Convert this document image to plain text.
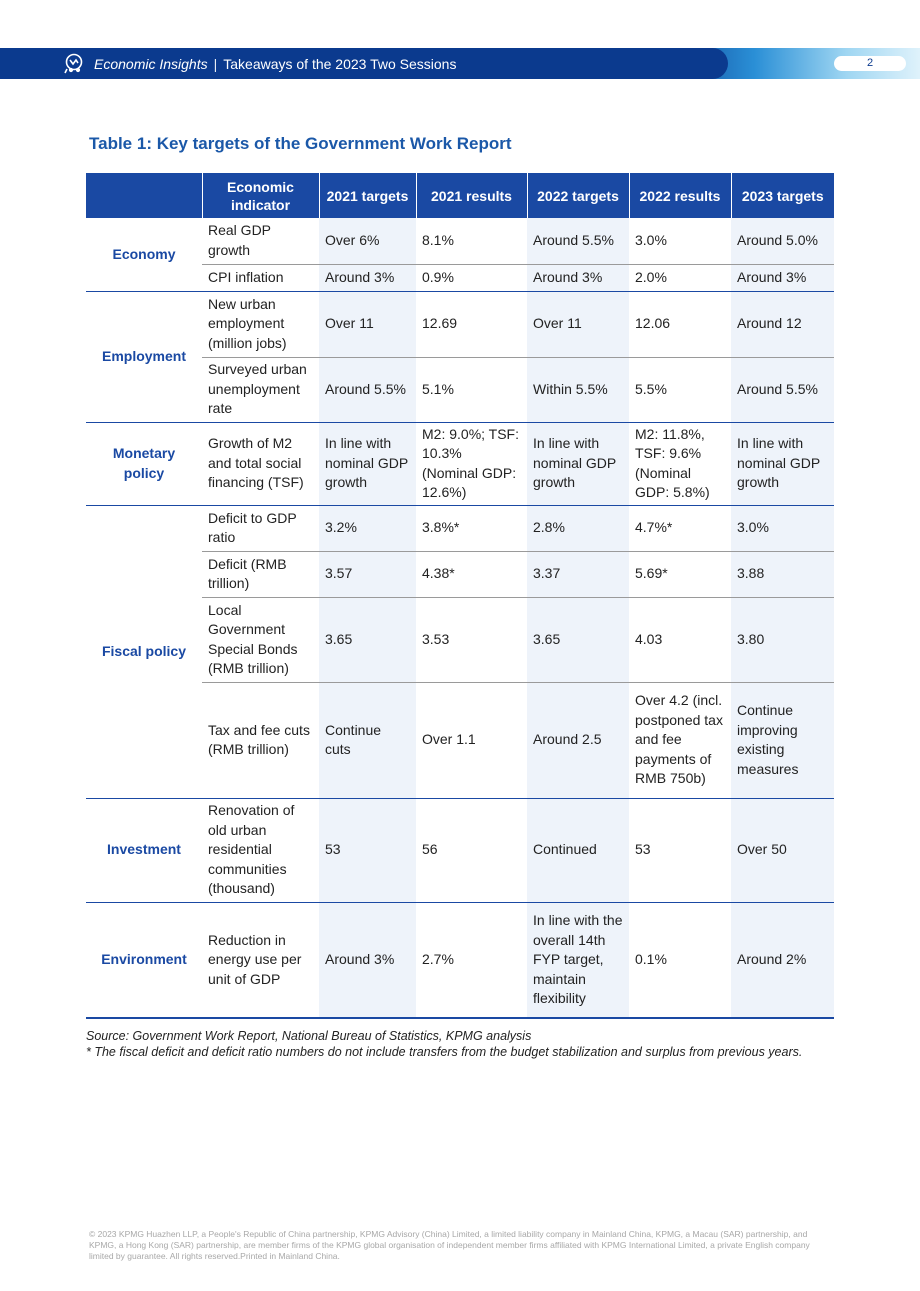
Economic Insights | Takeaways of the 2023 Two Sessions	2
Table 1: Key targets of the Government Work Report
	Economic indicator	2021 targets	2021 results	2022 targets	2022 results	2023 targets
Economy	Real GDP growth	Over 6%	8.1%	Around 5.5%	3.0%	Around 5.0%
	CPI inflation	Around 3%	0.9%	Around 3%	2.0%	Around 3%
Employment	New urban employment (million jobs)	Over 11	12.69	Over 11	12.06	Around 12
	Surveyed urban unemployment rate	Around 5.5%	5.1%	Within 5.5%	5.5%	Around 5.5%
Monetary policy	Growth of M2 and total social financing (TSF)	In line with nominal GDP growth	M2: 9.0%; TSF: 10.3% (Nominal GDP: 12.6%)	In line with nominal GDP growth	M2: 11.8%, TSF: 9.6% (Nominal GDP: 5.8%)	In line with nominal GDP growth
Fiscal policy	Deficit to GDP ratio	3.2%	3.8%*	2.8%	4.7%*	3.0%
	Deficit (RMB trillion)	3.57	4.38*	3.37	5.69*	3.88
	Local Government Special Bonds (RMB trillion)	3.65	3.53	3.65	4.03	3.80
	Tax and fee cuts (RMB trillion)	Continue cuts	Over 1.1	Around 2.5	Over 4.2 (incl. postponed tax and fee payments of RMB 750b)	Continue improving existing measures
Investment	Renovation of old urban residential communities (thousand)	53	56	Continued	53	Over 50
Environment	Reduction in energy use per unit of GDP	Around 3%	2.7%	In line with the overall 14th FYP target, maintain flexibility	0.1%	Around 2%
Source: Government Work Report, National Bureau of Statistics, KPMG analysis
* The fiscal deficit and deficit ratio numbers do not include transfers from the budget stabilization and surplus from previous years.
© 2023 KPMG Huazhen LLP, a People's Republic of China partnership, KPMG Advisory (China) Limited, a limited liability company in Mainland China, KPMG, a Macau (SAR) partnership, and KPMG, a Hong Kong (SAR) partnership, are member firms of the KPMG global organisation of independent member firms affiliated with KPMG International Limited, a private English company limited by guarantee. All rights reserved.Printed in Mainland China.
